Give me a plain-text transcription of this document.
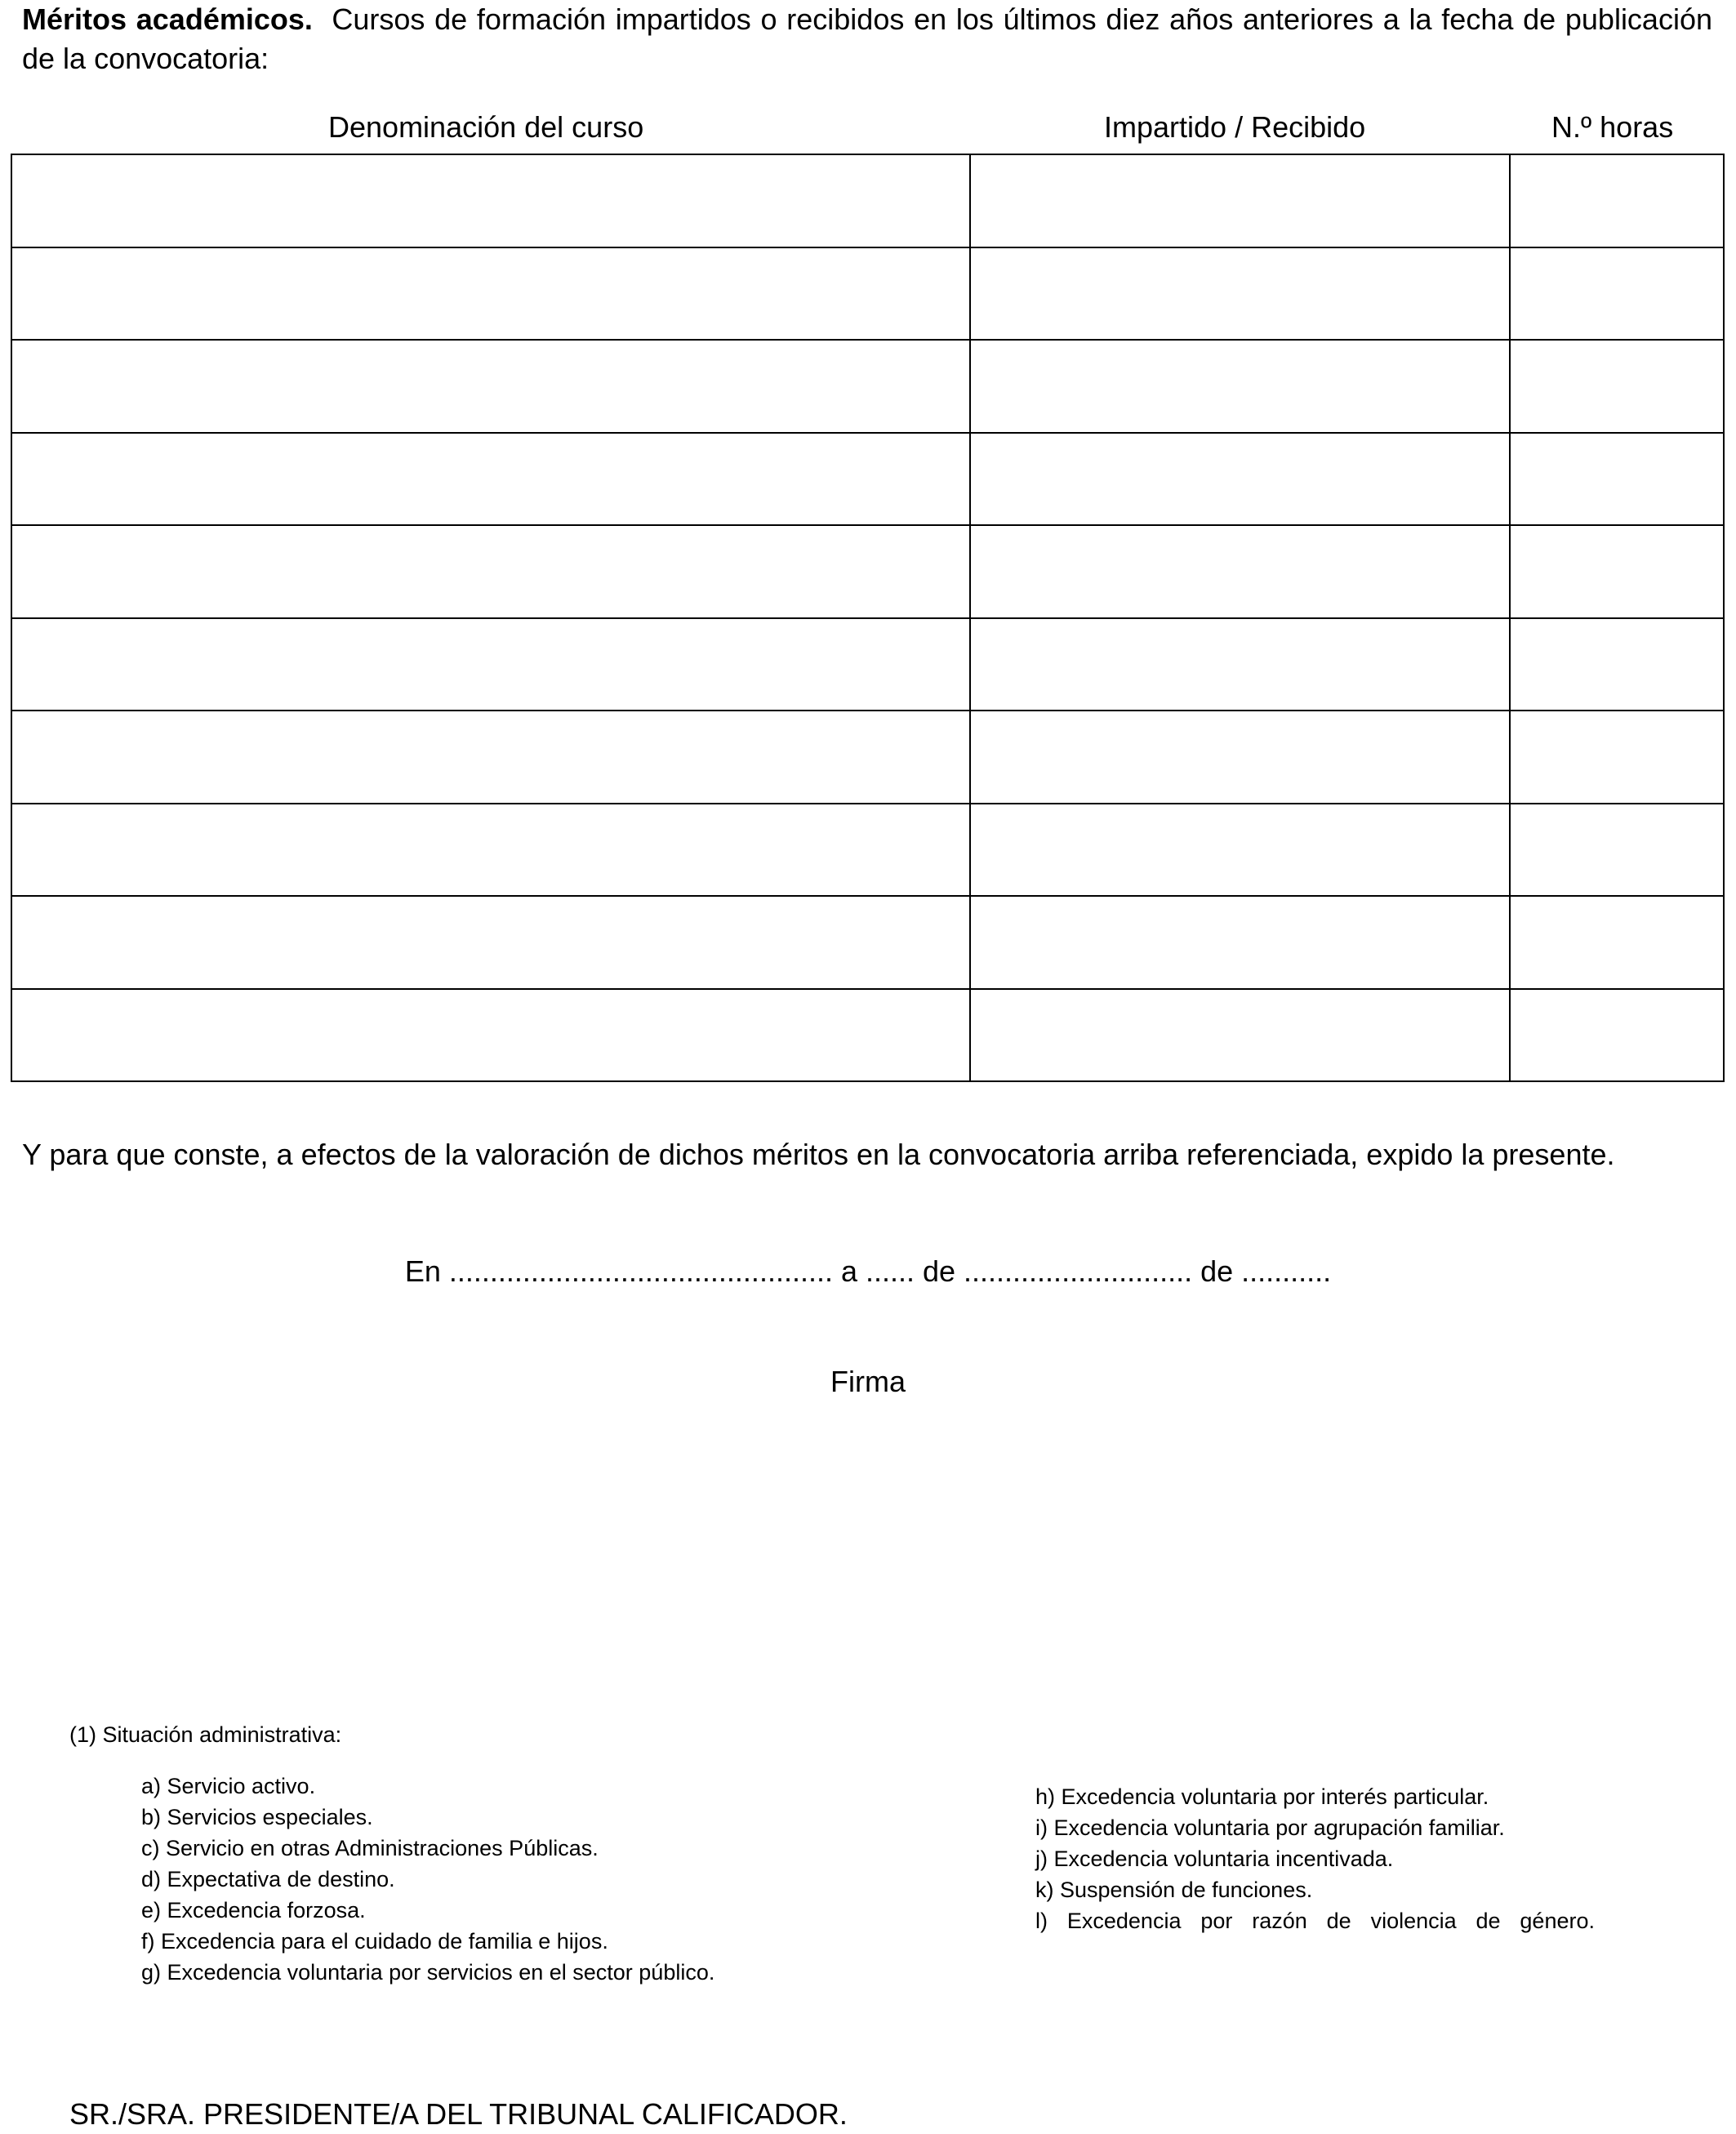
Méritos académicos. Cursos de formación impartidos o recibidos en los últimos diez años anteriores a la fecha de publicación de la convocatoria:
Denominación del curso	Impartido / Recibido	N.º horas

Y para que conste, a efectos de la valoración de dichos méritos en la convocatoria arriba referenciada, expido la presente.
En ............................................... a ...... de ............................ de ...........
Firma
(1) Situación administrativa:
a) Servicio activo.
b) Servicios especiales.
c) Servicio en otras Administraciones Públicas.
d) Expectativa de destino.
e) Excedencia forzosa.
f) Excedencia para el cuidado de familia e hijos.
g) Excedencia voluntaria por servicios en el sector público.
h) Excedencia voluntaria por interés particular.
i) Excedencia voluntaria por agrupación familiar.
j) Excedencia voluntaria incentivada.
k) Suspensión de funciones.
l) Excedencia por razón de violencia de género.
SR./SRA. PRESIDENTE/A DEL TRIBUNAL CALIFICADOR.
